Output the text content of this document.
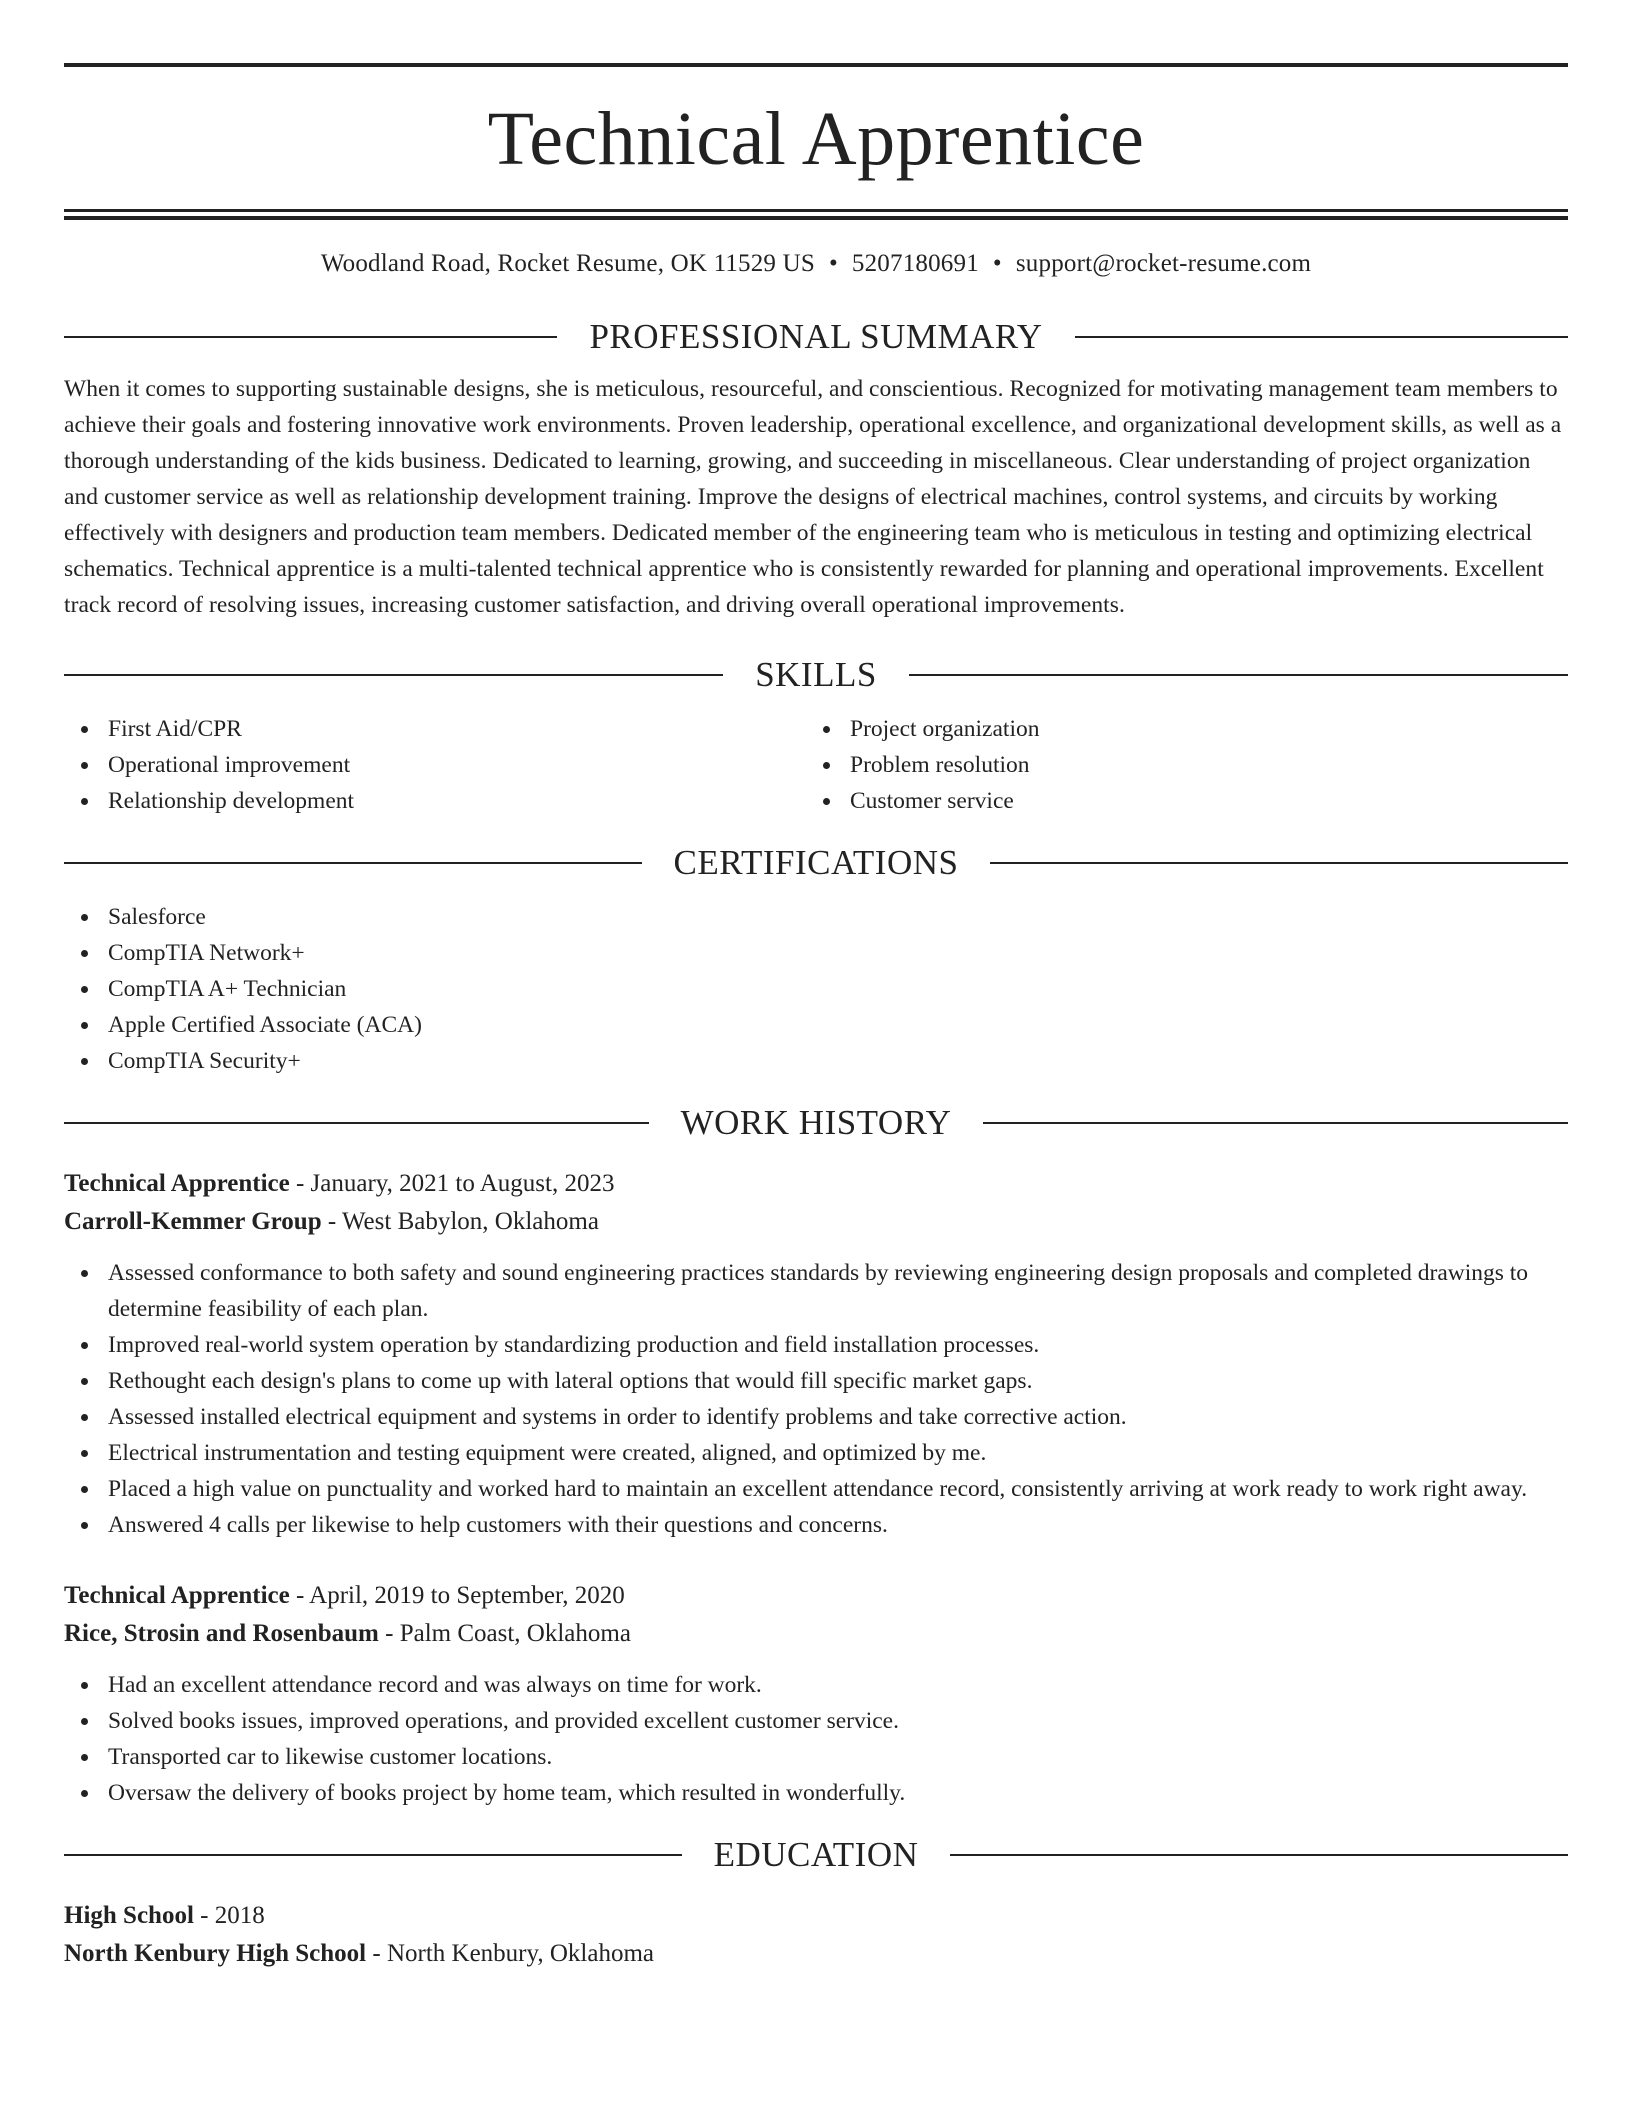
Technical Apprentice
Woodland Road, Rocket Resume, OK 11529 US • 5207180691 • support@rocket-resume.com
PROFESSIONAL SUMMARY
When it comes to supporting sustainable designs, she is meticulous, resourceful, and conscientious. Recognized for motivating management team members to achieve their goals and fostering innovative work environments. Proven leadership, operational excellence, and organizational development skills, as well as a thorough understanding of the kids business. Dedicated to learning, growing, and succeeding in miscellaneous. Clear understanding of project organization and customer service as well as relationship development training. Improve the designs of electrical machines, control systems, and circuits by working effectively with designers and production team members. Dedicated member of the engineering team who is meticulous in testing and optimizing electrical schematics. Technical apprentice is a multi-talented technical apprentice who is consistently rewarded for planning and operational improvements. Excellent track record of resolving issues, increasing customer satisfaction, and driving overall operational improvements.
SKILLS
First Aid/CPR
Operational improvement
Relationship development
Project organization
Problem resolution
Customer service
CERTIFICATIONS
Salesforce
CompTIA Network+
CompTIA A+ Technician
Apple Certified Associate (ACA)
CompTIA Security+
WORK HISTORY
Technical Apprentice - January, 2021 to August, 2023
Carroll-Kemmer Group - West Babylon, Oklahoma
Assessed conformance to both safety and sound engineering practices standards by reviewing engineering design proposals and completed drawings to determine feasibility of each plan.
Improved real-world system operation by standardizing production and field installation processes.
Rethought each design's plans to come up with lateral options that would fill specific market gaps.
Assessed installed electrical equipment and systems in order to identify problems and take corrective action.
Electrical instrumentation and testing equipment were created, aligned, and optimized by me.
Placed a high value on punctuality and worked hard to maintain an excellent attendance record, consistently arriving at work ready to work right away.
Answered 4 calls per likewise to help customers with their questions and concerns.
Technical Apprentice - April, 2019 to September, 2020
Rice, Strosin and Rosenbaum - Palm Coast, Oklahoma
Had an excellent attendance record and was always on time for work.
Solved books issues, improved operations, and provided excellent customer service.
Transported car to likewise customer locations.
Oversaw the delivery of books project by home team, which resulted in wonderfully.
EDUCATION
High School - 2018
North Kenbury High School - North Kenbury, Oklahoma
